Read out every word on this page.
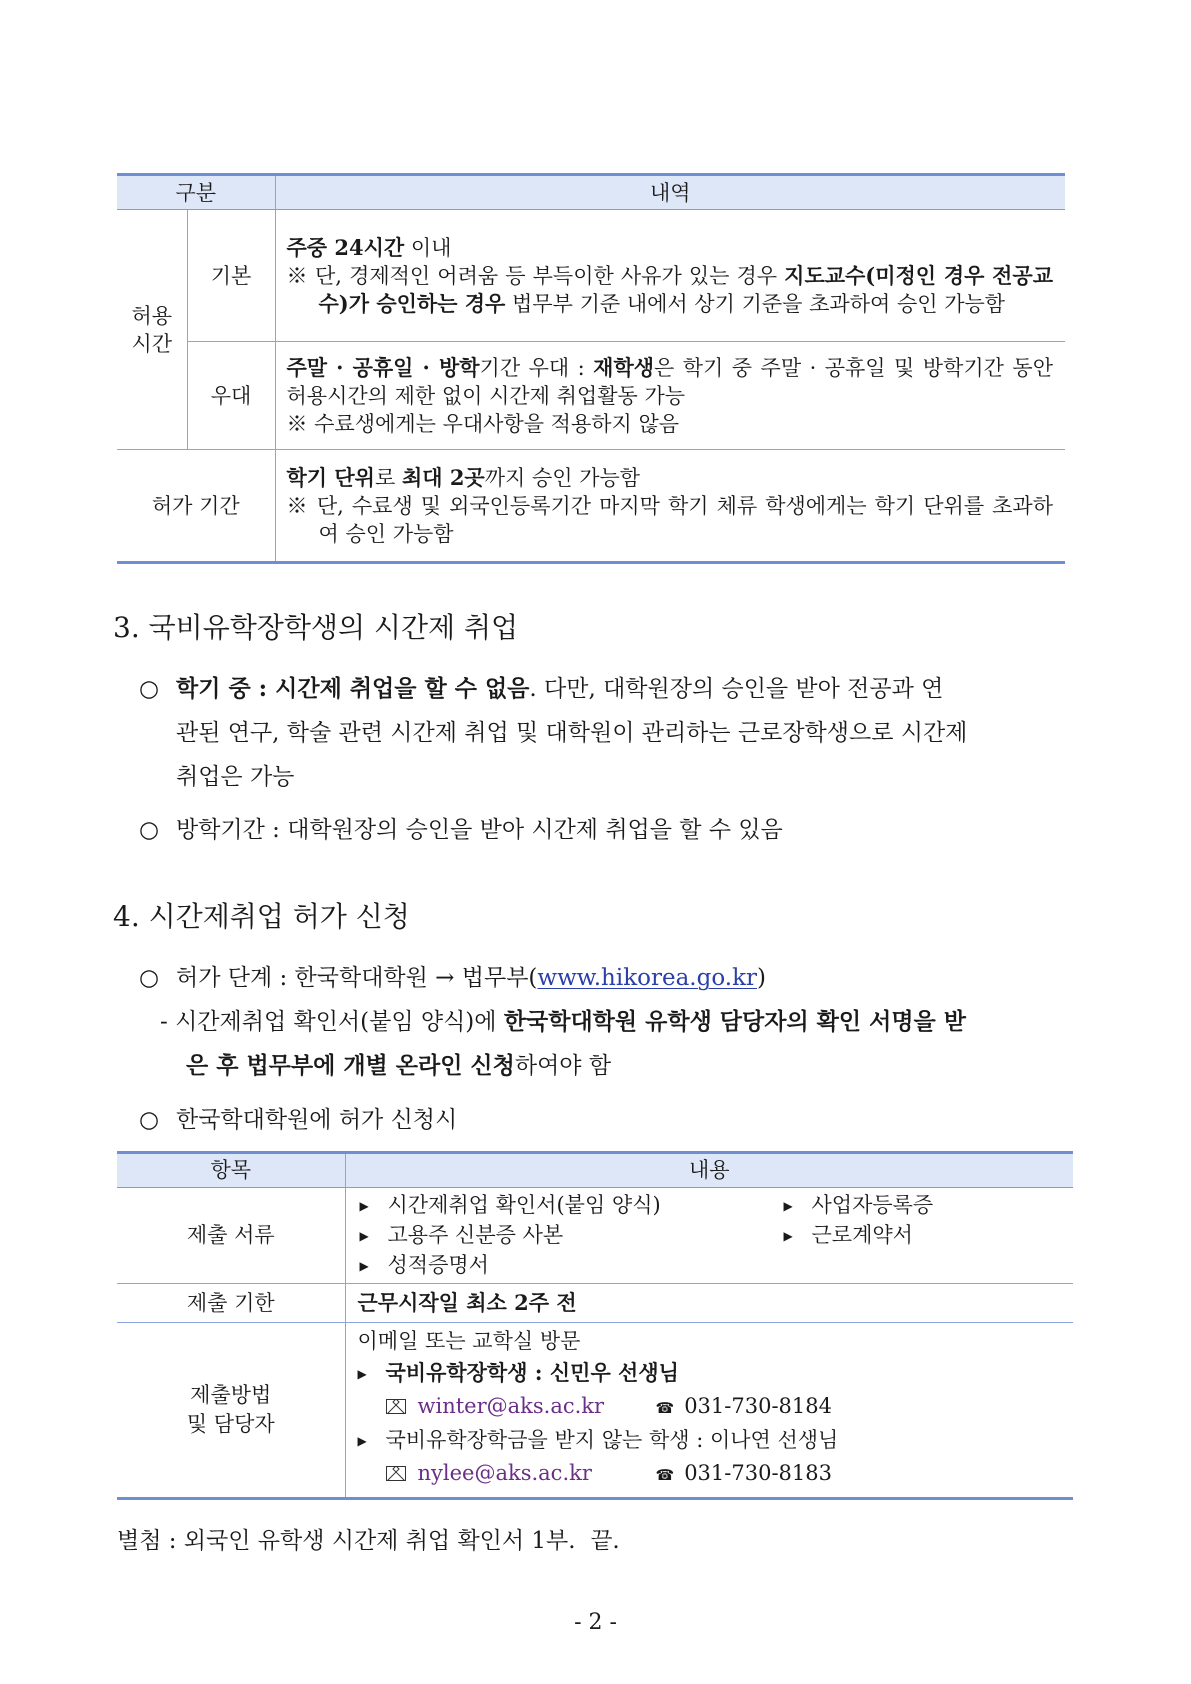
구분		내역
허용 시간	기본	주중 24시간 이내
※ 단, 경제적인 어려움 등 부득이한 사유가 있는 경우 지도교수(미정인 경우 전공교수)가 승인하는 경우 법무부 기준 내에서 상기 기준을 초과하여 승인 가능함

	우대	주말 · 공휴일 · 방학기간 우대 : 재학생은 학기 중 주말 · 공휴일 및 방학기간 동안 허용시간의 제한 없이 시간제 취업활동 가능
※ 수료생에게는 우대사항을 적용하지 않음

허가 기간		학기 단위로 최대 2곳까지 승인 가능함
※ 단, 수료생 및 외국인등록기간 마지막 학기 체류 학생에게는 학기 단위를 초과하여 승인 가능함
3. 국비유학장학생의 시간제 취업
○ 학기 중 : 시간제 취업을 할 수 없음. 다만, 대학원장의 승인을 받아 전공과 연
관된 연구, 학술 관련 시간제 취업 및 대학원이 관리하는 근로장학생으로 시간제
취업은 가능
○ 방학기간 : 대학원장의 승인을 받아 시간제 취업을 할 수 있음
4. 시간제취업 허가 신청
○ 허가 단계 : 한국학대학원 → 법무부(www.hikorea.go.kr)
- 시간제취업 확인서(붙임 양식)에 한국학대학원 유학생 담당자의 확인 서명을 받
은 후 법무부에 개별 온라인 신청하여야 함
○ 한국학대학원에 허가 신청시
항목	내용
제출 서류	▶ 시간제취업 확인서(붙임 양식)
▶ 고용주 신분증 사본
▶ 성적증명서
▶ 사업자등록증
▶ 근로계약서

제출 기한	근무시작일 최소 2주 전

제출방법
및 담당자	이메일 또는 교학실 방문
▶ 국비유학장학생 : 신민우 선생님
winter@aks.ac.kr ☎ 031-730-8184
▶ 국비유학장학금을 받지 않는 학생 : 이나연 선생님
nylee@aks.ac.kr ☎ 031-730-8183
별첨 : 외국인 유학생 시간제 취업 확인서 1부.  끝.
- 2 -
